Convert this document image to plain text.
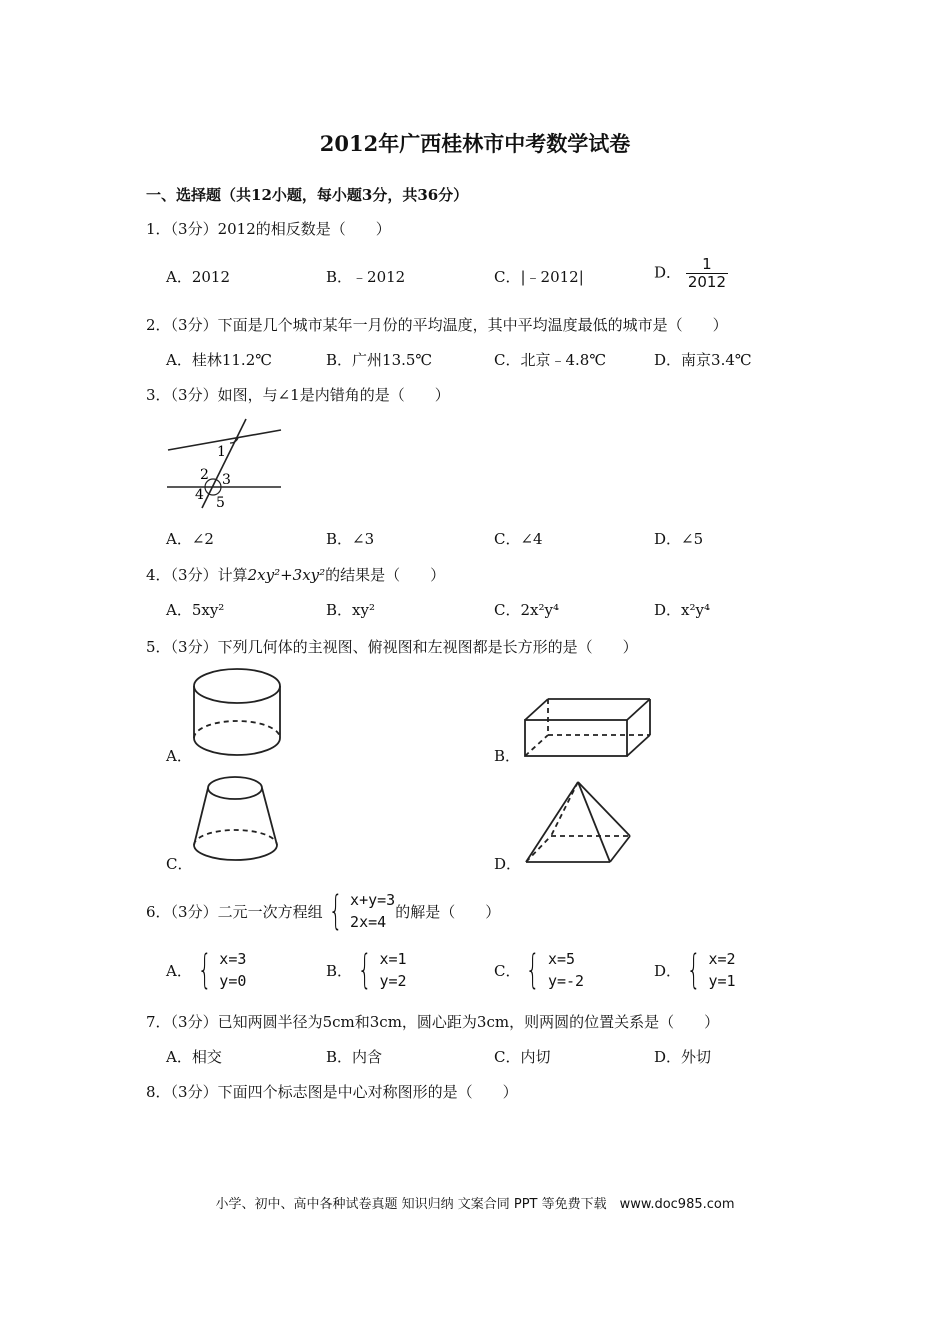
2012年广西桂林市中考数学试卷
一、选择题（共12小题，每小题3分，共36分）
1．（3分）2012的相反数是（　　）
A．2012	B．﹣2012	C．|﹣2012|	D． $\frac{1}{2012}$
2．（3分）下面是几个城市某年一月份的平均温度，其中平均温度最低的城市是（　　）
A．桂林11.2℃	B．广州13.5℃	C．北京﹣4.8℃	D．南京3.4℃
3．（3分）如图，与∠1是内错角的是（　　）
1
2 3
4 5
A．∠2	B．∠3	C．∠4	D．∠5
4．（3分）计算2xy²+3xy²的结果是（　　）
A．5xy²	B．xy²	C．2x²y⁴	D．x²y⁴
5．（3分）下列几何体的主视图、俯视图和左视图都是长方形的是（　　）
A．	B．
C．	D．
6．（3分）二元一次方程组 { x+y=3
2x=4
的解是（　　）
A． { x=3
y=0
B． { x=1
y=2
C． { x=5
y=-2
D． { x=2
y=1
7．（3分）已知两圆半径为5cm和3cm，圆心距为3cm，则两圆的位置关系是（　　）
A．相交	B．内含	C．内切	D．外切
8．（3分）下面四个标志图是中心对称图形的是（　　）
小学、初中、高中各种试卷真题 知识归纳 文案合同 PPT 等免费下载　www.doc985.com
